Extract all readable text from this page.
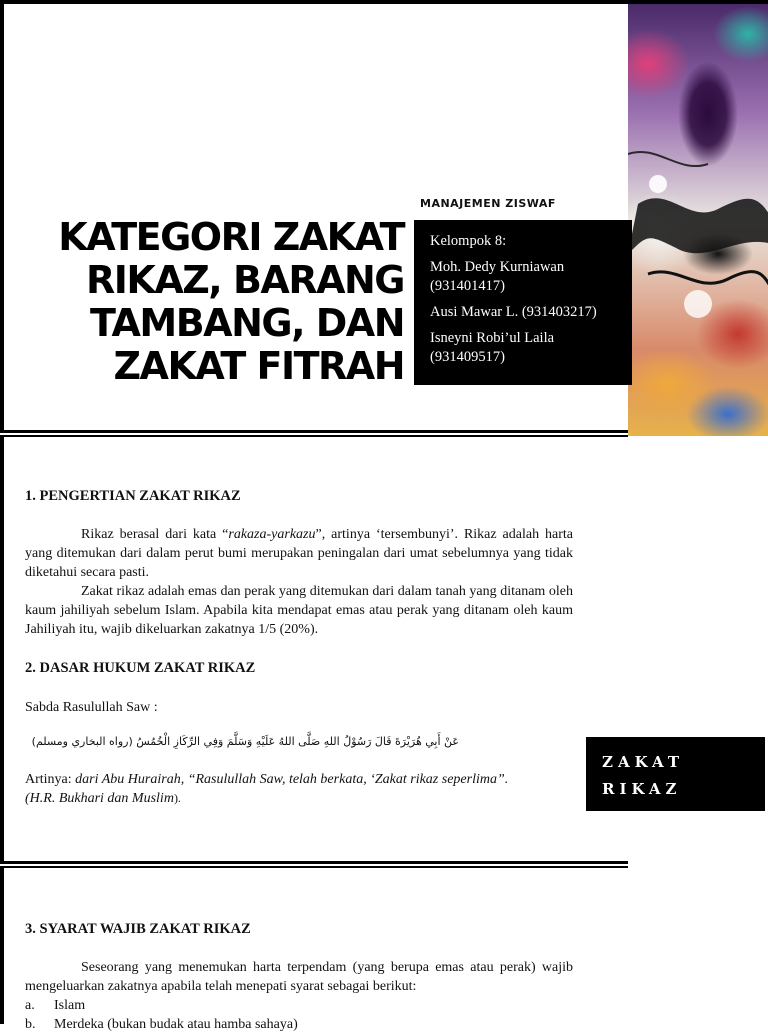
MANAJEMEN ZISWAF
KATEGORI ZAKAT
RIKAZ, BARANG
TAMBANG, DAN
ZAKAT FITRAH

Kelompok 8:

Moh. Dedy Kurniawan (931401417)

Ausi Mawar L. (931403217)

Isneyni Robi’ul Laila (931409517)

1. PENGERTIAN ZAKAT RIKAZ

Rikaz berasal dari kata “rakaza-yarkazu”, artinya ‘tersembunyi’. Rikaz adalah harta yang ditemukan dari dalam perut bumi merupakan peningalan dari umat sebelumnya yang tidak diketahui secara pasti.

Zakat rikaz adalah emas dan perak yang ditemukan dari dalam tanah yang ditanam oleh kaum jahiliyah sebelum Islam. Apabila kita mendapat emas atau perak yang ditanam oleh kaum Jahiliyah itu, wajib dikeluarkan zakatnya 1/5 (20%).

2. DASAR HUKUM ZAKAT RIKAZ

Sabda Rasulullah Saw :

عَنْ أَبِي هُرَيْرَةَ قَالَ رَسُوْلُ اللهِ صَلَّى اللهُ عَلَيْهِ وَسَلَّمَ وَفِي الرِّكَازِ الْخُمُسُ (رواه البخاري ومسلم)

Artinya: dari Abu Hurairah, “Rasulullah Saw, telah berkata, ‘Zakat rikaz seperlima”. (H.R. Bukhari dan Muslim).

ZAKAT
RIKAZ

3. SYARAT WAJIB ZAKAT RIKAZ

Seseorang yang menemukan harta terpendam (yang berupa emas atau perak) wajib mengeluarkan zakatnya apabila telah menepati syarat sebagai berikut:

a. Islam

b. Merdeka (bukan budak atau hamba sahaya)
